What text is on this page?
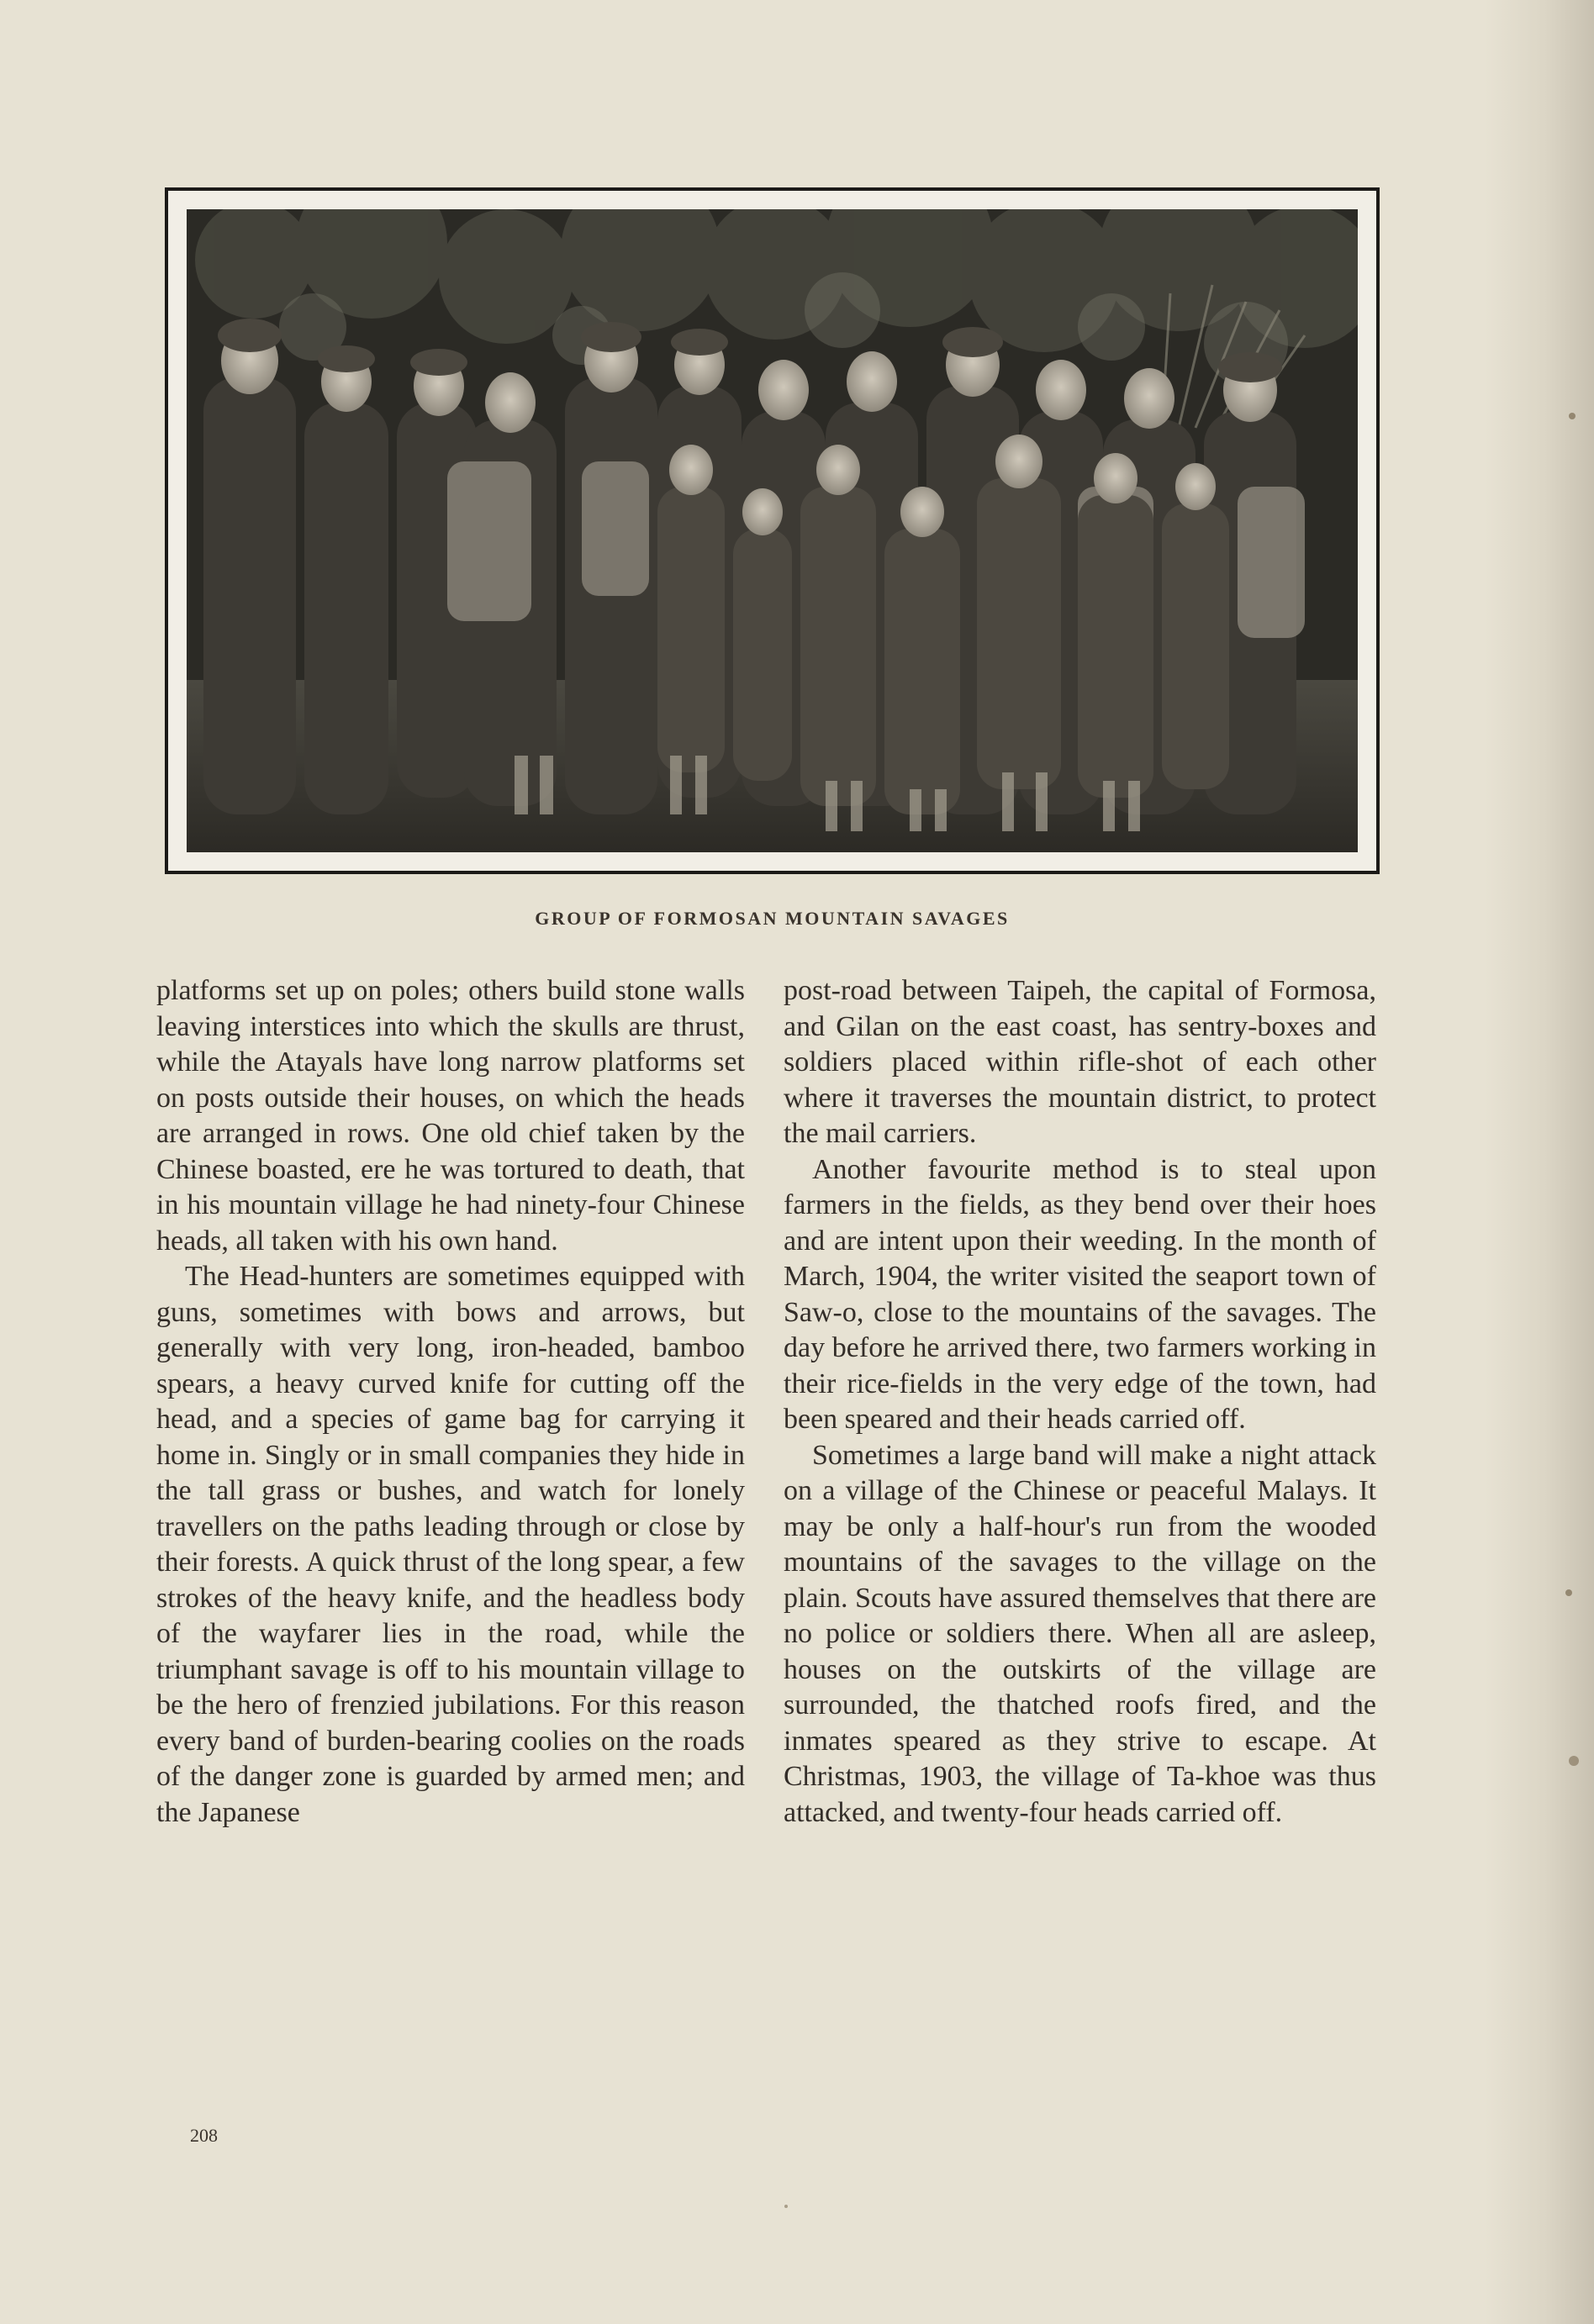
GROUP OF FORMOSAN MOUNTAIN SAVAGES

platforms set up on poles; others build stone walls leaving interstices into which the skulls are thrust, while the Atayals have long narrow platforms set on posts outside their houses, on which the heads are arranged in rows. One old chief taken by the Chinese boasted, ere he was tortured to death, that in his mountain village he had ninety-four Chinese heads, all taken with his own hand.

The Head-hunters are sometimes equipped with guns, sometimes with bows and arrows, but generally with very long, iron-headed, bamboo spears, a heavy curved knife for cutting off the head, and a species of game bag for carrying it home in. Singly or in small companies they hide in the tall grass or bushes, and watch for lonely travellers on the paths leading through or close by their forests. A quick thrust of the long spear, a few strokes of the heavy knife, and the headless body of the wayfarer lies in the road, while the triumphant savage is off to his mountain village to be the hero of frenzied jubilations. For this reason every band of burden-bearing coolies on the roads of the danger zone is guarded by armed men; and the Japanese

post-road between Taipeh, the capital of Formosa, and Gilan on the east coast, has sentry-boxes and soldiers placed within rifle-shot of each other where it traverses the mountain district, to protect the mail carriers.

Another favourite method is to steal upon farmers in the fields, as they bend over their hoes and are intent upon their weeding. In the month of March, 1904, the writer visited the seaport town of Saw-o, close to the mountains of the savages. The day before he arrived there, two farmers working in their rice-fields in the very edge of the town, had been speared and their heads carried off.

Sometimes a large band will make a night attack on a village of the Chinese or peaceful Malays. It may be only a half-hour's run from the wooded mountains of the savages to the village on the plain. Scouts have assured themselves that there are no police or soldiers there. When all are asleep, houses on the outskirts of the village are surrounded, the thatched roofs fired, and the inmates speared as they strive to escape. At Christmas, 1903, the village of Ta-khoe was thus attacked, and twenty-four heads carried off.

208
